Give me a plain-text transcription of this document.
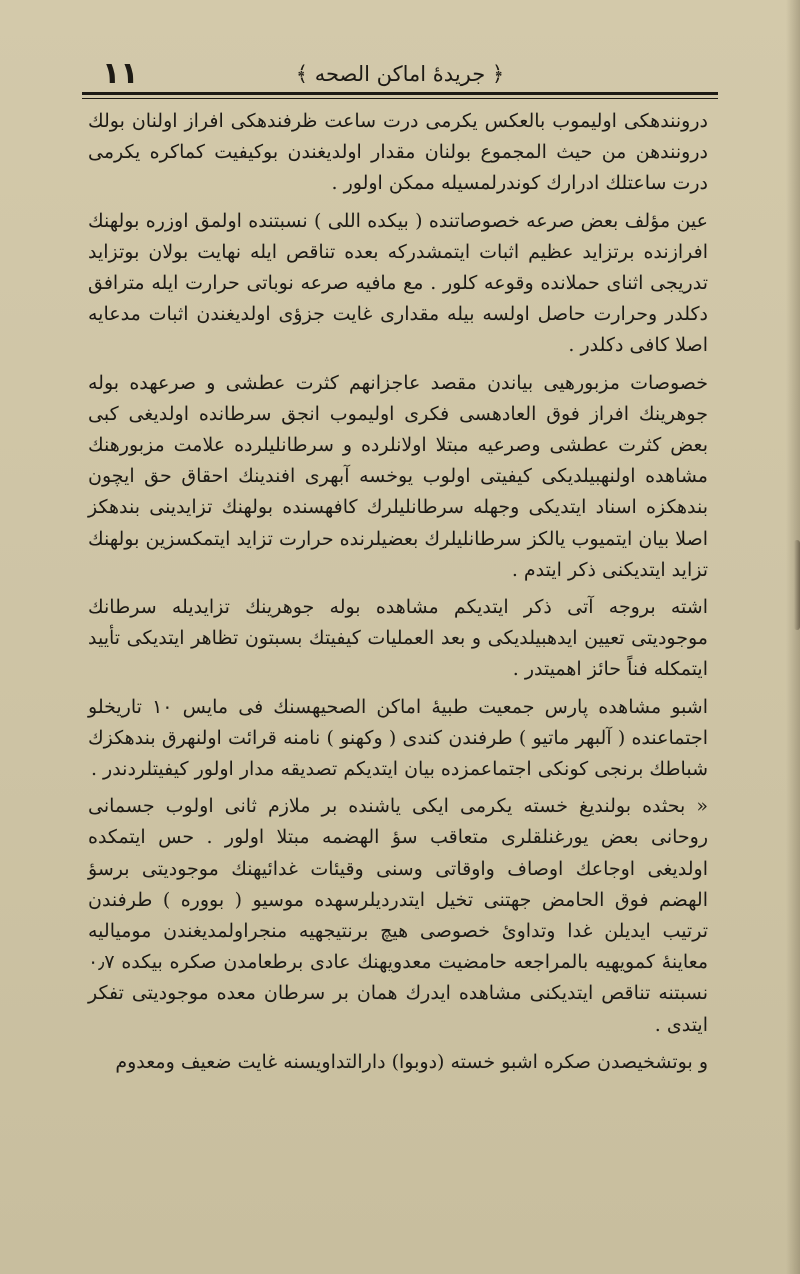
١١	﴿ جريدهٔ اماكن الصحه ﴾

درونندهكی اولیموب بالعكس یكرمی درت ساعت ظرفندهكی افراز اولنان بولك درونندهن من حیث المجموع بولنان مقدار اولدیغندن بوكیفیت كماكره یكرمی درت ساعتلك ادرارك كوندرلمسیله ممكن اولور .

عین مؤلف بعض صرعه خصوصاتنده ( بیكده اللی ) نسبتنده اولمق اوزره بولهنك افرازنده برتزاید عظیم اثبات ایتمشدركه بعده تناقص ایله نهایت بولان بوتزاید تدریجی اثنای حملانده وقوعه كلور . مع مافیه صرعه نوباتی حرارت ایله مترافق دكلدر وحرارت حاصل اولسه بیله مقداری غایت جزؤی اولدیغندن اثبات مدعایه اصلا كافی دكلدر .

خصوصات مزبورهیی بیاندن مقصد عاجزانهم كثرت عطشی و صرعهده بوله جوهرینك افراز فوق العادهسی فكری اولیموب انجق سرطانده اولدیغی كبی بعض كثرت عطشی وصرعیه مبتلا اولانلرده و سرطانلیلرده علامت مزبورهنك مشاهده اولنهبیلدیكی كیفیتی اولوب یوخسه آبهری افندینك احقاق حق ایچون بندهكزه اسناد ایتدیكی وجهله سرطانلیلرك كافهسنده بولهنك تزایدینی بندهكز اصلا بیان ایتمیوب یالكز سرطانلیلرك بعضیلرنده حرارت تزاید ایتمكسزین بولهنك تزاید ایتدیكنی ذكر ایتدم .

اشته بروجه آتی ذكر ایتدیكم مشاهده بوله جوهرینك تزایدیله سرطانك موجودیتی تعیین ایدهبیلدیكی و بعد العملیات كیفیتك بسبتون تظاهر ایتدیكی تأیید ایتمكله فناً حائز اهمیتدر .

اشبو مشاهده پارس جمعیت طبیهٔ اماكن الصحیهسنك فی مایس ۱۰ تاریخلو اجتماعنده ( آلبهر ماتیو ) طرفندن كندی ( وكهنو ) نامنه قرائت اولنهرق بندهكزك شباطك برنجی كونكی اجتماعمزده بیان ایتدیكم تصدیقه مدار اولور كیفیتلردندر .

« بحثده بولندیغ خسته یكرمی ایكی یاشنده بر ملازم ثانی اولوب جسمانی روحانی بعض یورغنلقلری متعاقب سؤ الهضمه مبتلا اولور . حس ایتمكده اولدیغی اوجاعك اوصاف واوقاتی وسنی وقیئات غدائیهنك موجودیتی برسؤ الهضم فوق الحامض جهتنی تخیل ایتدردیلرسهده موسیو ( بووره ) طرفندن ترتیب ایدیلن غدا وتداویٔ خصوصی هیچ برنتیجهیه منجراولمدیغندن مومیالیه معاینهٔ كمویهیه بالمراجعه حامضیت معدویهنك عادی برطعامدن صكره بیكده ۰٫۷ نسبتنه تناقص ایتدیكنی مشاهده ایدرك همان بر سرطان معده موجودیتی تفكر ایتدی .

و بوتشخیصدن صكره اشبو خسته (دوبوا) دارالتداویسنه غایت ضعیف ومعدوم
